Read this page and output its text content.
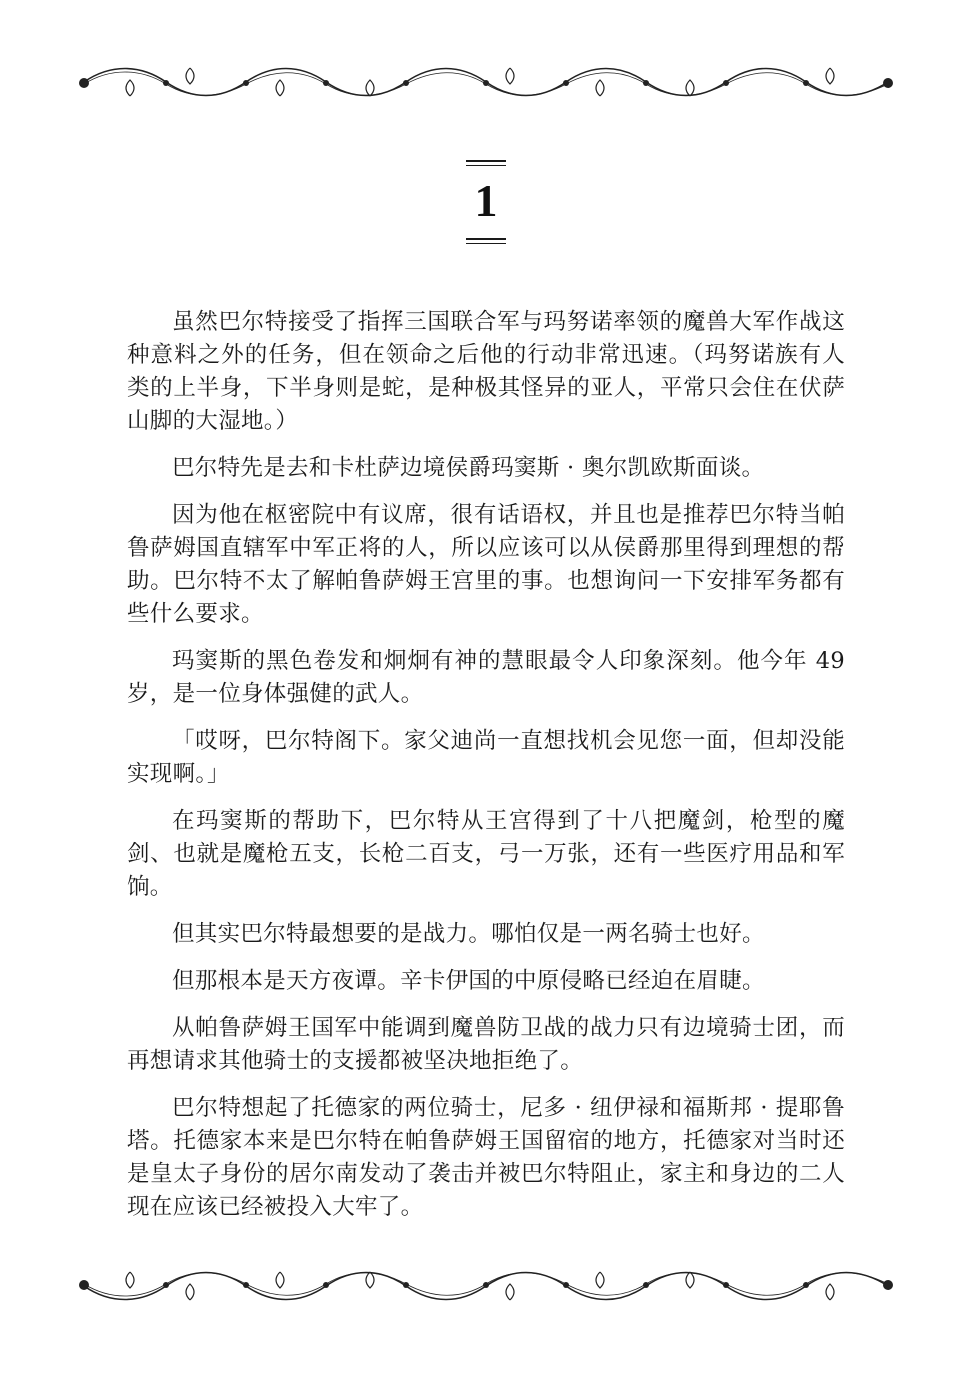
1

虽然巴尔特接受了指挥三国联合军与玛努诺率领的魔兽大军作战这种意料之外的任务，但在领命之后他的行动非常迅速。（玛努诺族有人类的上半身，下半身则是蛇，是种极其怪异的亚人，平常只会住在伏萨山脚的大湿地。）

巴尔特先是去和卡杜萨边境侯爵玛窦斯 · 奥尔凯欧斯面谈。

因为他在枢密院中有议席，很有话语权，并且也是推荐巴尔特当帕鲁萨姆国直辖军中军正将的人，所以应该可以从侯爵那里得到理想的帮助。巴尔特不太了解帕鲁萨姆王宫里的事。也想询问一下安排军务都有些什么要求。

玛窦斯的黑色卷发和炯炯有神的慧眼最令人印象深刻。他今年 49 岁，是一位身体强健的武人。

「哎呀，巴尔特阁下。家父迪尚一直想找机会见您一面，但却没能实现啊。」

在玛窦斯的帮助下，巴尔特从王宫得到了十八把魔剑，枪型的魔剑、也就是魔枪五支，长枪二百支，弓一万张，还有一些医疗用品和军饷。

但其实巴尔特最想要的是战力。哪怕仅是一两名骑士也好。

但那根本是天方夜谭。辛卡伊国的中原侵略已经迫在眉睫。

从帕鲁萨姆王国军中能调到魔兽防卫战的战力只有边境骑士团，而再想请求其他骑士的支援都被坚决地拒绝了。

巴尔特想起了托德家的两位骑士，尼多 · 纽伊禄和福斯邦 · 提耶鲁塔。托德家本来是巴尔特在帕鲁萨姆王国留宿的地方，托德家对当时还是皇太子身份的居尔南发动了袭击并被巴尔特阻止，家主和身边的二人现在应该已经被投入大牢了。
